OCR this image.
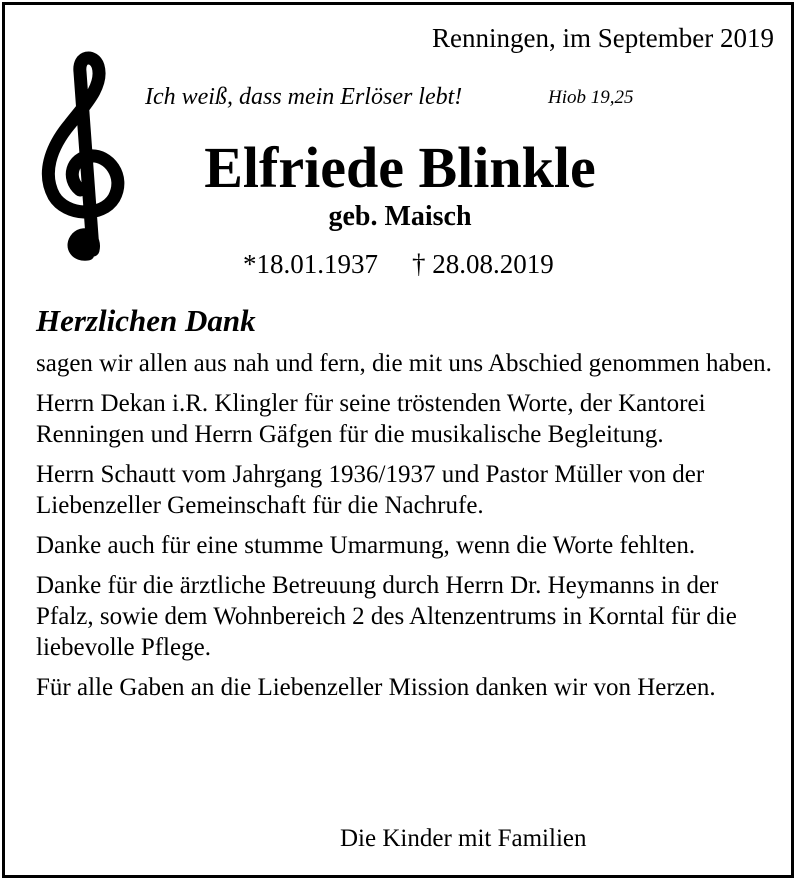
Renningen, im September 2019
Ich weiß, dass mein Erlöser lebt!	Hiob 19,25
Elfriede Blinkle
geb. Maisch
*18.01.1937 † 28.08.2019
Herzlichen Dank

sagen wir allen aus nah und fern, die mit uns Abschied genommen haben.

Herrn Dekan i.R. Klingler für seine tröstenden Worte, der Kantorei Renningen und Herrn Gäfgen für die musikalische Begleitung.

Herrn Schautt vom Jahrgang 1936/1937 und Pastor Müller von der Liebenzeller Gemeinschaft für die Nachrufe.

Danke auch für eine stumme Umarmung, wenn die Worte fehlten.

Danke für die ärztliche Betreuung durch Herrn Dr. Heymanns in der Pfalz, sowie dem Wohnbereich 2 des Altenzentrums in Korntal für die liebevolle Pflege.

Für alle Gaben an die Liebenzeller Mission danken wir von Herzen.

Die Kinder mit Familien
